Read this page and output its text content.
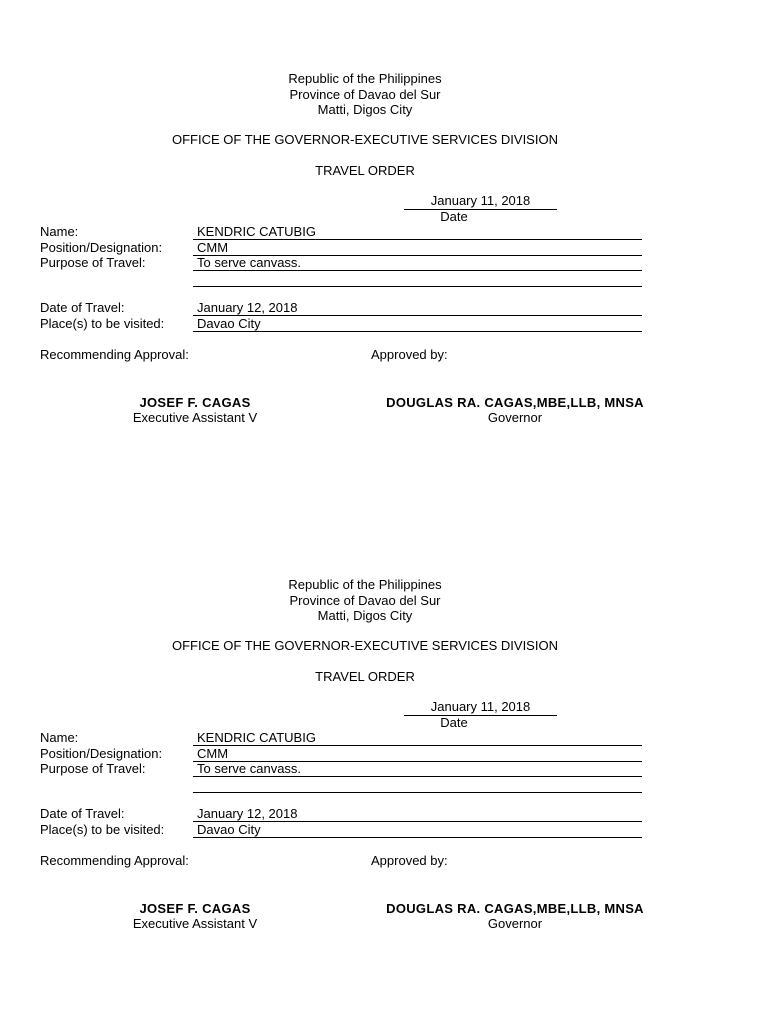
Republic of the Philippines
Province of Davao del Sur
Matti, Digos City
OFFICE OF THE GOVERNOR-EXECUTIVE SERVICES DIVISION
TRAVEL ORDER
January 11, 2018
Date
Name:	KENDRIC CATUBIG
Position/Designation:	CMM
Purpose of Travel:	To serve canvass.
Date of Travel:	January 12, 2018
Place(s) to be visited:	Davao City
Recommending Approval:	Approved by:
JOSEF F. CAGAS
Executive Assistant V
DOUGLAS RA. CAGAS,MBE,LLB, MNSA
Governor
Republic of the Philippines
Province of Davao del Sur
Matti, Digos City
OFFICE OF THE GOVERNOR-EXECUTIVE SERVICES DIVISION
TRAVEL ORDER
January 11, 2018
Date
Name:	KENDRIC CATUBIG
Position/Designation:	CMM
Purpose of Travel:	To serve canvass.
Date of Travel:	January 12, 2018
Place(s) to be visited:	Davao City
Recommending Approval:	Approved by:
JOSEF F. CAGAS
Executive Assistant V
DOUGLAS RA. CAGAS,MBE,LLB, MNSA
Governor
